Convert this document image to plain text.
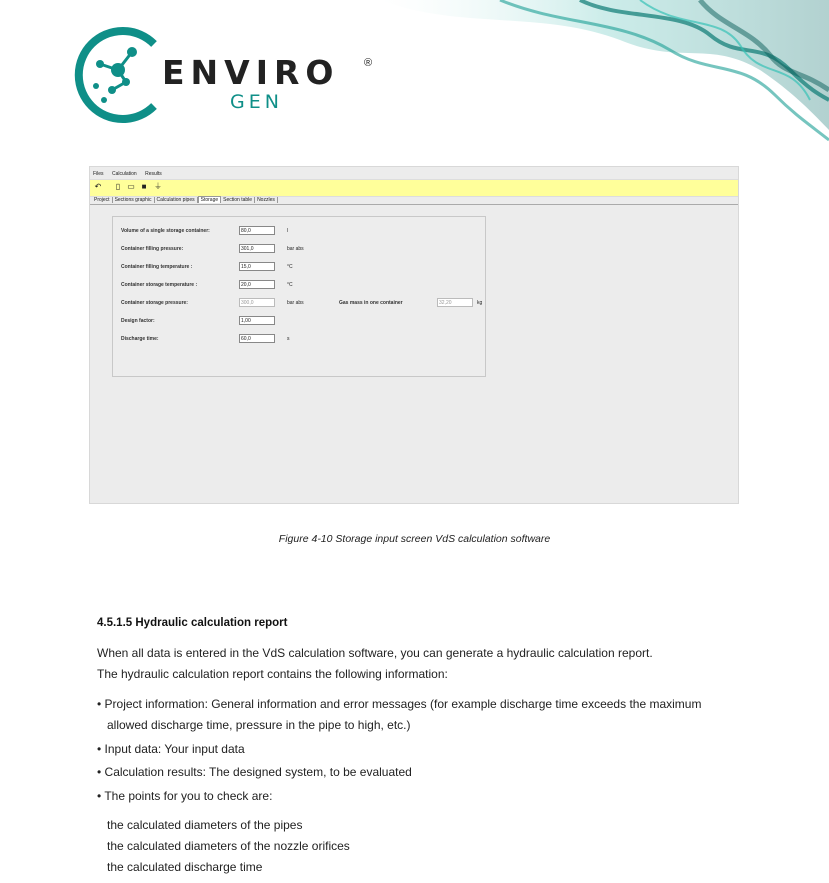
ENVIRO ®
GEN
Files Calculation Results
↶ ▯ ▭ ■ ⏚
Project Sections graphic Calculation pipes Storage Section table Nozzles
Volume of a single storage container:	80,0	l
Container filling pressure:	301,0	bar abs
Container filling temperature :	15,0	°C
Container storage temperature :	20,0	°C
Container storage pressure:	300,0	bar abs	Gas mass in one container	32,20	kg
Design factor:	1,00
Discharge time:	60,0	s
Figure 4-10 Storage input screen VdS calculation software
4.5.1.5 Hydraulic calculation report
When all data is entered in the VdS calculation software, you can generate a hydraulic calculation report.
The hydraulic calculation report contains the following information:
• Project information: General information and error messages (for example discharge time exceeds the maximum
allowed discharge time, pressure in the pipe to high, etc.)
• Input data: Your input data
• Calculation results: The designed system, to be evaluated
• The points for you to check are:
the calculated diameters of the pipes
the calculated diameters of the nozzle orifices
the calculated discharge time
